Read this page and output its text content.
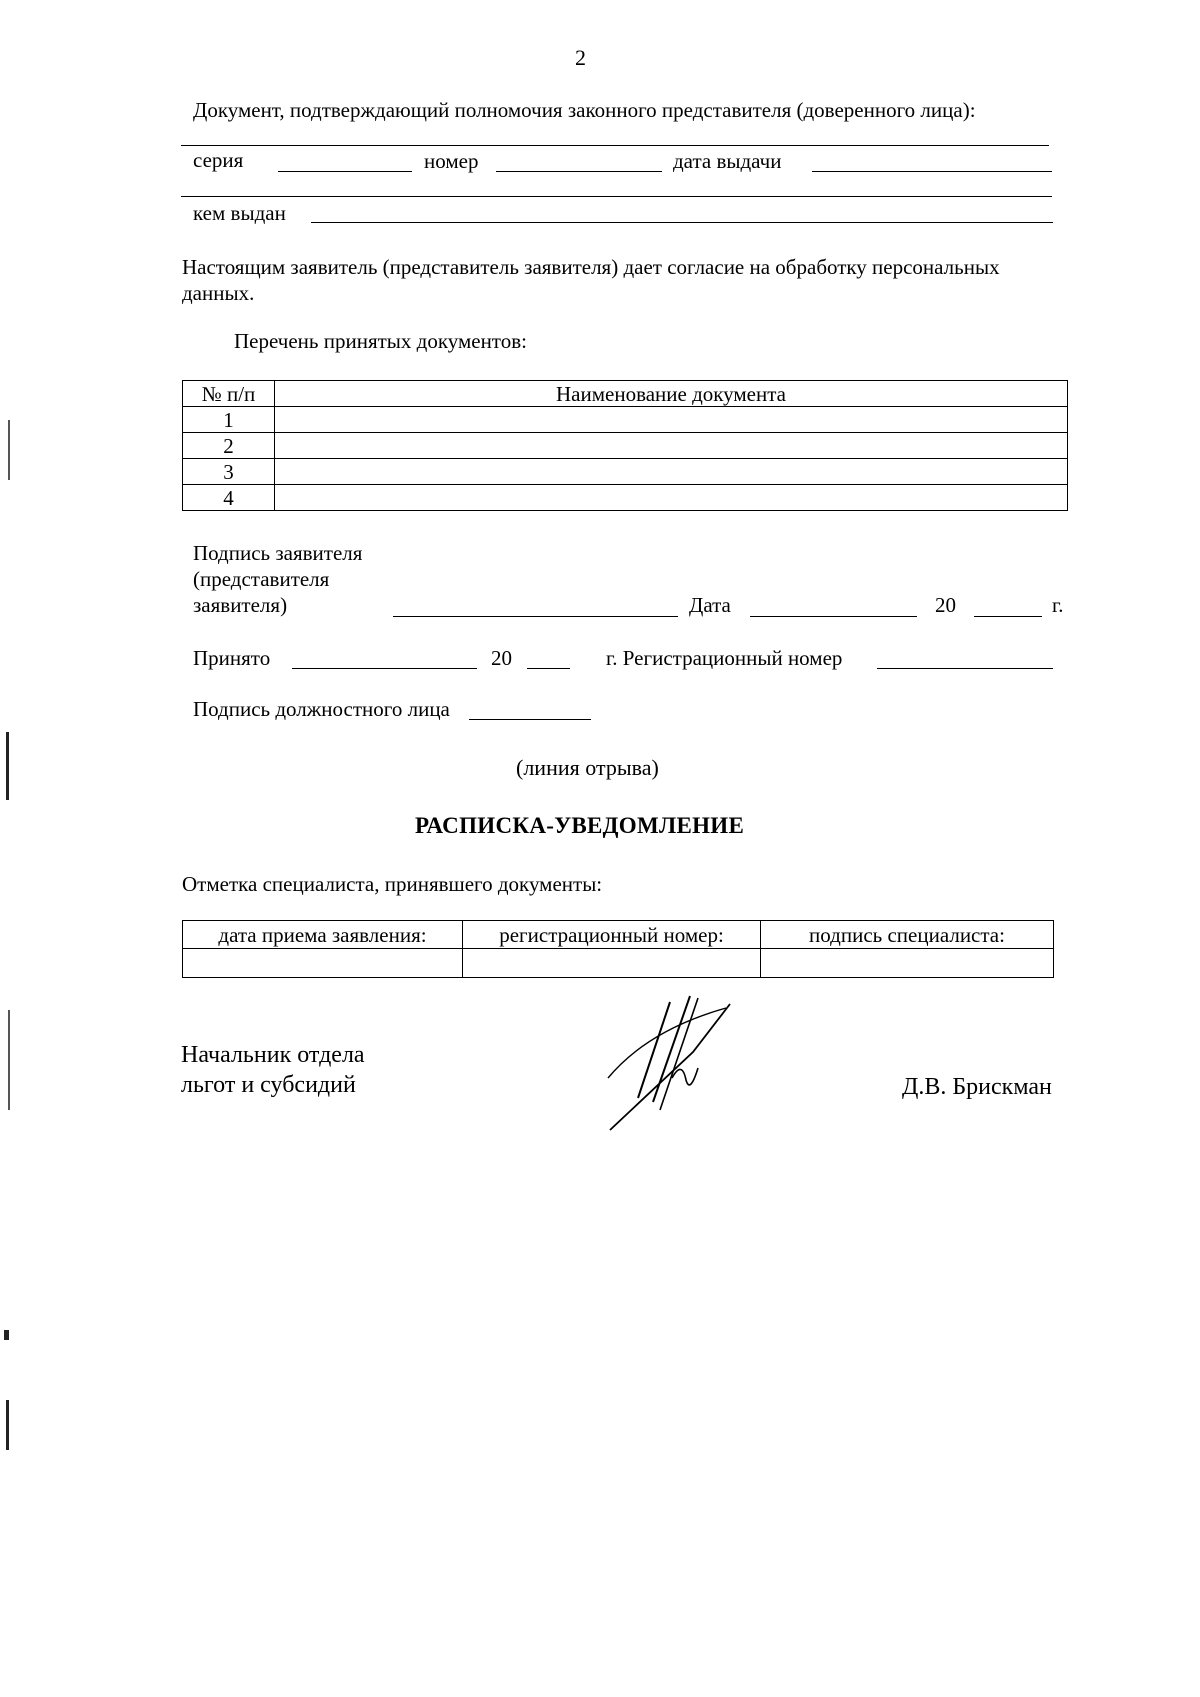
2
Документ, подтверждающий полномочия законного представителя (доверенного лица):
серия	номер	дата выдачи
кем выдан
Настоящим заявитель (представитель заявителя) дает согласие на обработку персональных
данных.
Перечень принятых документов:
№ п/п	Наименование документа
1	
2	
3	
4	
Подпись заявителя
(представителя
заявителя)	Дата	20	г.
Принято	20	г. Регистрационный номер
Подпись должностного лица
(линия отрыва)
РАСПИСКА-УВЕДОМЛЕНИЕ
Отметка специалиста, принявшего документы:
дата приема заявления:	регистрационный номер:	подпись специалиста:

Начальник отдела
льгот и субсидий	Д.В. Брискман
